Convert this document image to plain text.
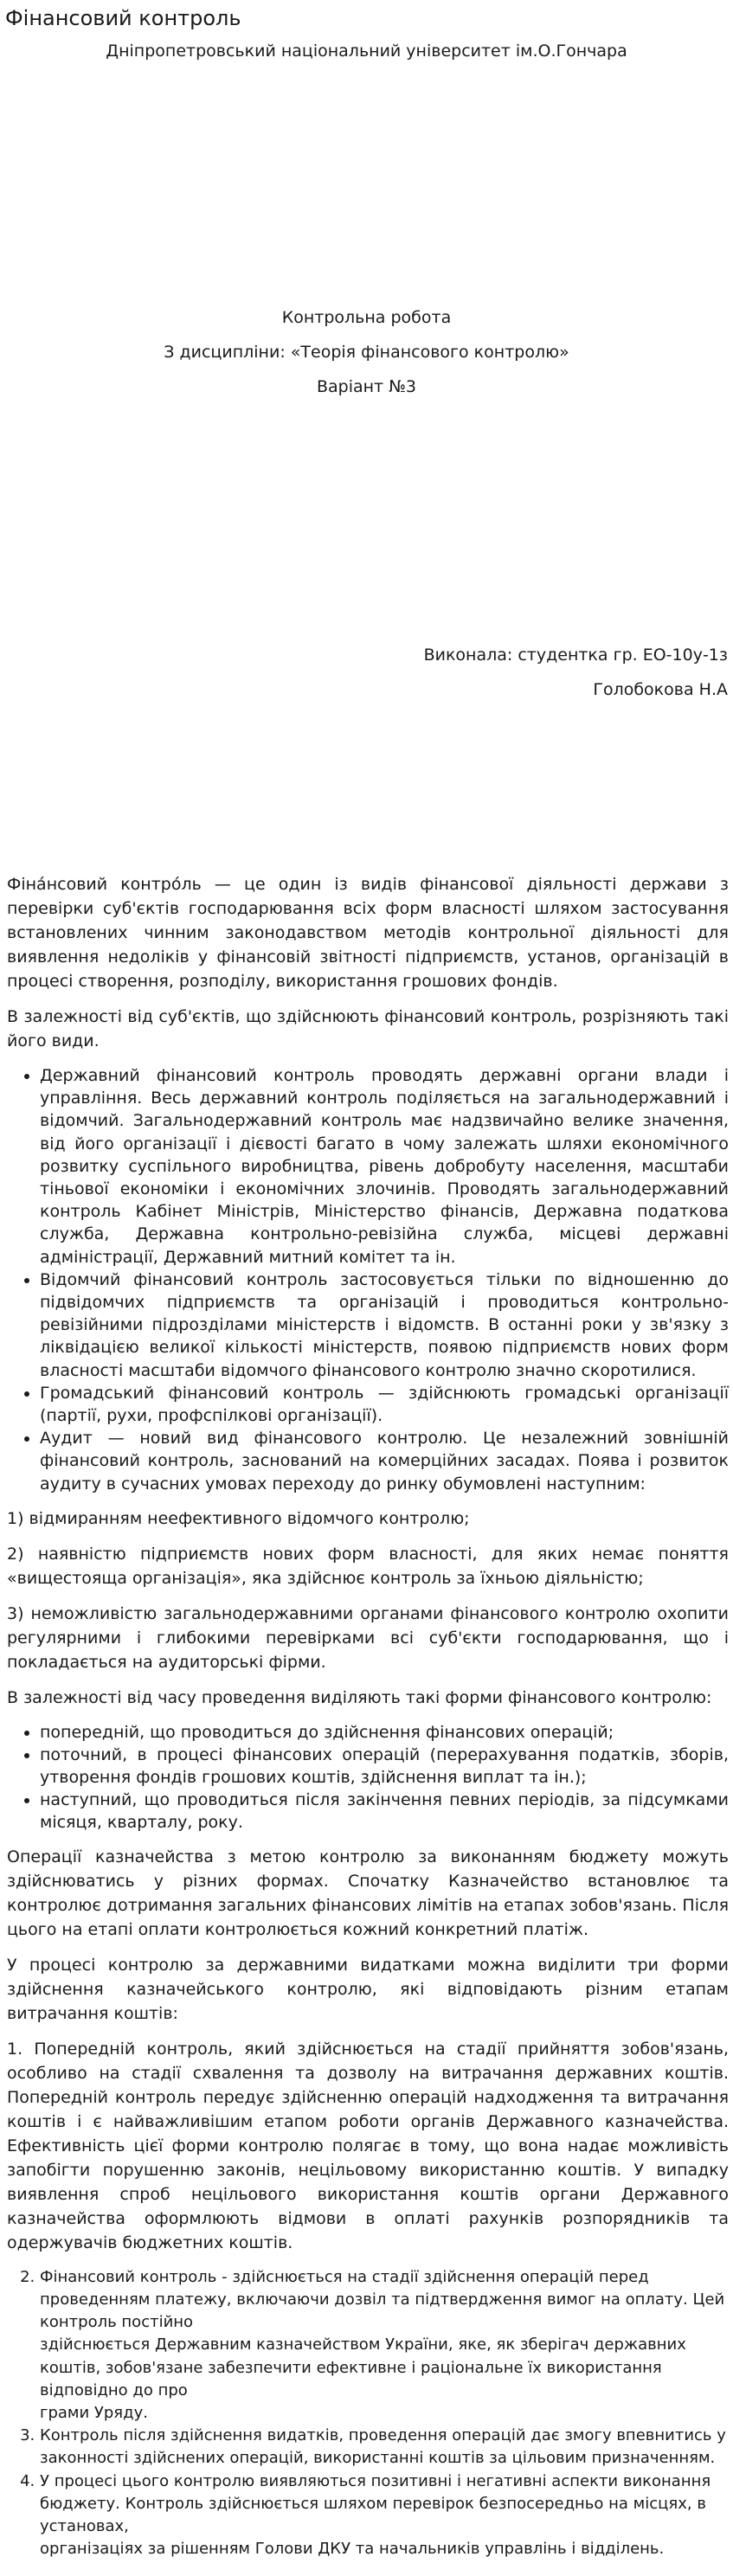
Фінансовий контроль
Дніпропетровський національний університет ім.О.Гончара
Контрольна робота
З дисципліни: «Теорія фінансового контролю»
Варіант №3
Виконала: студентка гр. ЕО-10у-1з
Голобокова Н.А

Фіна́нсовий контро́ль — це один із видів фінансової діяльності держави з перевірки суб'єктів господарювання всіх форм власності шляхом застосування встановлених чинним законодавством методів контрольної діяльності для виявлення недоліків у фінансовій звітності підприємств, установ, організацій в процесі створення, розподілу, використання грошових фондів.

В залежності від суб'єктів, що здійснюють фінансовий контроль, розрізняють такі його види.

• Державний фінансовий контроль проводять державні органи влади і управління. Весь державний контроль поділяється на загальнодержавний і відомчий. Загальнодержавний контроль має надзвичайно велике значення, від його організації і дієвості багато в чому залежать шляхи економічного розвитку суспільного виробництва, рівень добробуту населення, масштаби тіньової економіки і економічних злочинів. Проводять загальнодержавний контроль Кабінет Міністрів, Міністерство фінансів, Державна податкова служба, Державна контрольно-ревізійна служба, місцеві державні адміністрації, Державний митний комітет та ін.
• Відомчий фінансовий контроль застосовується тільки по відношенню до підвідомчих підприємств та організацій і проводиться контрольно-ревізійними підрозділами міністерств і відомств. В останні роки у зв'язку з ліквідацією великої кількості міністерств, появою підприємств нових форм власності масштаби відомчого фінансового контролю значно скоротилися.
• Громадський фінансовий контроль — здійснюють громадські організації (партії, рухи, профспілкові організації).
• Аудит — новий вид фінансового контролю. Це незалежний зовнішній фінансовий контроль, заснований на комерційних засадах. Поява і розвиток аудиту в сучасних умовах переходу до ринку обумовлені наступним:

1) відмиранням неефективного відомчого контролю;

2) наявністю підприємств нових форм власності, для яких немає поняття «вищестояща організація», яка здійснює контроль за їхньою діяльністю;

3) неможливістю загальнодержавними органами фінансового контролю охопити регулярними і глибокими перевірками всі суб'єкти господарювання, що і покладається на аудиторські фірми.

В залежності від часу проведення виділяють такі форми фінансового контролю:

• попередній, що проводиться до здійснення фінансових операцій;
• поточний, в процесі фінансових операцій (перерахування податків, зборів, утворення фондів грошових коштів, здійснення виплат та ін.);
• наступний, що проводиться після закінчення певних періодів, за підсумками місяця, кварталу, року.

Операції казначейства з метою контролю за виконанням бюджету можуть здійснюватись у різних формах. Спочатку Казначейство встановлює та контролює дотримання загальних фінансових лімітів на етапах зобов'язань. Після цього на етапі оплати контролюється кожний конкретний платіж.

У процесі контролю за державними видатками можна виділити три форми здійснення казначейського контролю, які відповідають різним етапам витрачання коштів:

1. Попередній контроль, який здійснюється на стадії прийняття зобов'язань, особливо на стадії схвалення та дозволу на витрачання державних коштів. Попередній контроль передує здійсненню операцій надходження та витрачання коштів і є найважливішим етапом роботи органів Державного казначейства. Ефективність цієї форми контролю полягає в тому, що вона надає можливість запобігти порушенню законів, нецільовому використанню коштів. У випадку виявлення спроб нецільового використання коштів органи Державного казначейства оформлюють відмови в оплаті рахунків розпорядників та одержувачів бюджетних коштів.

2. Фінансовий контроль - здійснюється на стадії здійснення операцій перед проведенням платежу, включаючи дозвіл та підтвердження вимог на оплату. Цей контроль постійно
здійснюється Державним казначейством України, яке, як зберігач державних коштів, зобов'язане забезпечити ефективне і раціональне їх використання відповідно до про
грами Уряду.
3. Контроль після здійснення видатків, проведення операцій дає змогу впевнитись у законності здійснених операцій, використанні коштів за цільовим призначенням.
4. У процесі цього контролю виявляються позитивні і негативні аспекти виконання бюджету. Контроль здійснюється шляхом перевірок безпосередньо на місцях, в установах,
організаціях за рішенням Голови ДКУ та начальників управлінь і відділень.
